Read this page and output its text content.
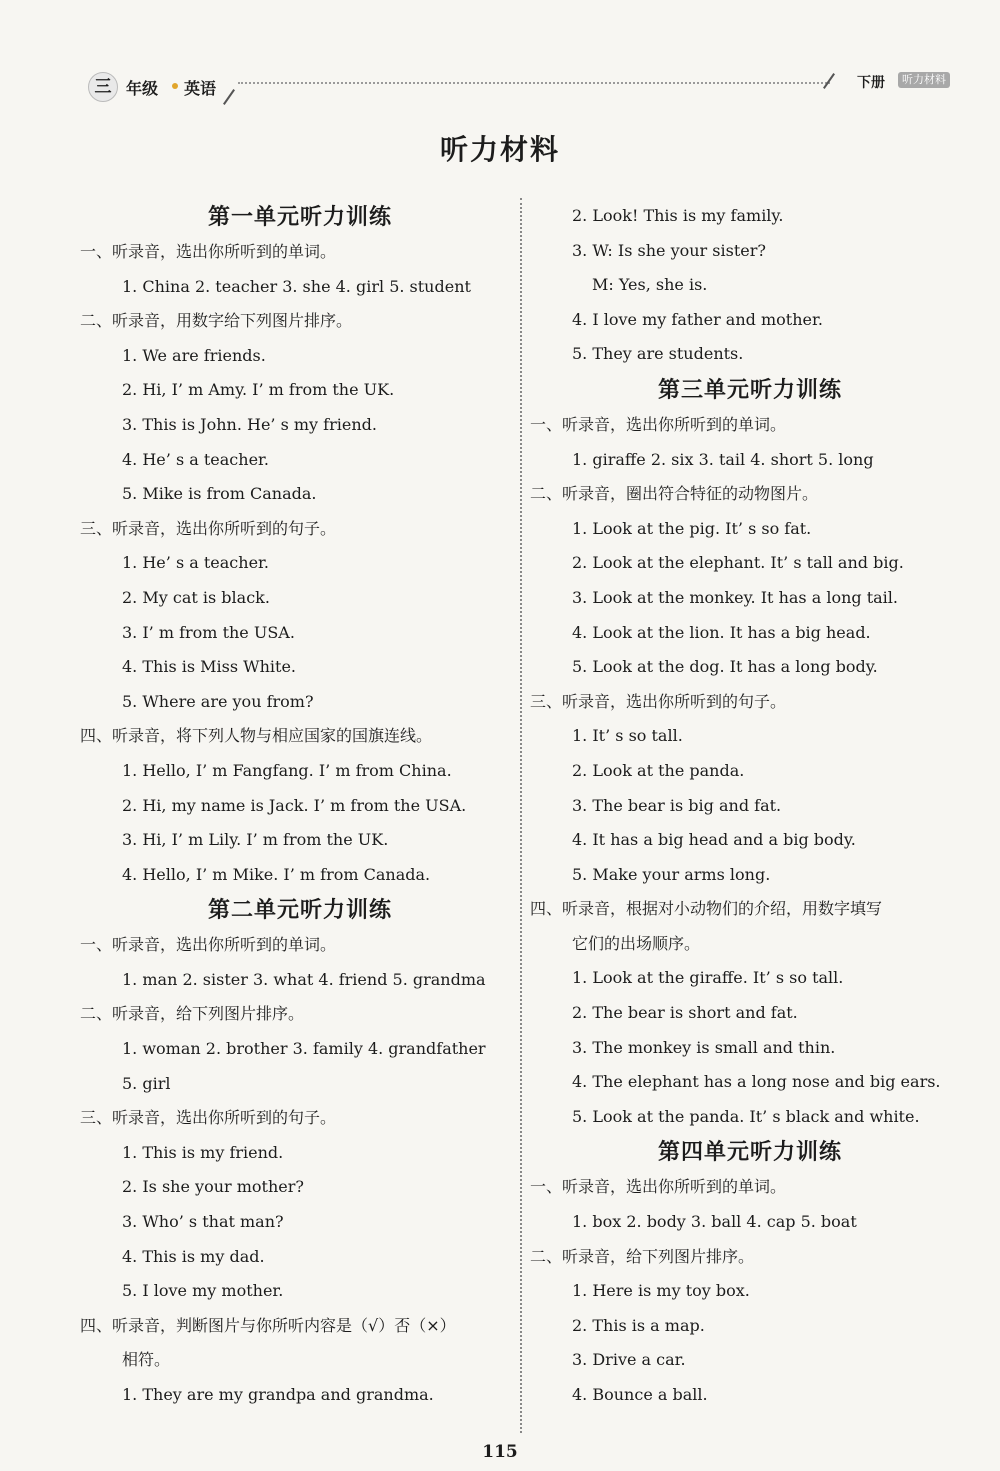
三 年级 英语	下册	听力材料
听力材料
第一单元听力训练
一、听录音，选出你所听到的单词。
1. China 2. teacher 3. she 4. girl 5. student
二、听录音，用数字给下列图片排序。
1. We are friends.
2. Hi, I’ m Amy. I’ m from the UK.
3. This is John. He’ s my friend.
4. He’ s a teacher.
5. Mike is from Canada.
三、听录音，选出你所听到的句子。
1. He’ s a teacher.
2. My cat is black.
3. I’ m from the USA.
4. This is Miss White.
5. Where are you from?
四、听录音，将下列人物与相应国家的国旗连线。
1. Hello, I’ m Fangfang. I’ m from China.
2. Hi, my name is Jack. I’ m from the USA.
3. Hi, I’ m Lily. I’ m from the UK.
4. Hello, I’ m Mike. I’ m from Canada.
第二单元听力训练
一、听录音，选出你所听到的单词。
1. man 2. sister 3. what 4. friend 5. grandma
二、听录音，给下列图片排序。
1. woman 2. brother 3. family 4. grandfather
5. girl
三、听录音，选出你所听到的句子。
1. This is my friend.
2. Is she your mother?
3. Who’ s that man?
4. This is my dad.
5. I love my mother.
四、听录音，判断图片与你所听内容是（√）否（×）
相符。
1. They are my grandpa and grandma.
2. Look! This is my family.
3. W: Is she your sister?
M: Yes, she is.
4. I love my father and mother.
5. They are students.
第三单元听力训练
一、听录音，选出你所听到的单词。
1. giraffe 2. six 3. tail 4. short 5. long
二、听录音，圈出符合特征的动物图片。
1. Look at the pig. It’ s so fat.
2. Look at the elephant. It’ s tall and big.
3. Look at the monkey. It has a long tail.
4. Look at the lion. It has a big head.
5. Look at the dog. It has a long body.
三、听录音，选出你所听到的句子。
1. It’ s so tall.
2. Look at the panda.
3. The bear is big and fat.
4. It has a big head and a big body.
5. Make your arms long.
四、听录音，根据对小动物们的介绍，用数字填写
它们的出场顺序。
1. Look at the giraffe. It’ s so tall.
2. The bear is short and fat.
3. The monkey is small and thin.
4. The elephant has a long nose and big ears.
5. Look at the panda. It’ s black and white.
第四单元听力训练
一、听录音，选出你所听到的单词。
1. box 2. body 3. ball 4. cap 5. boat
二、听录音，给下列图片排序。
1. Here is my toy box.
2. This is a map.
3. Drive a car.
4. Bounce a ball.
115
